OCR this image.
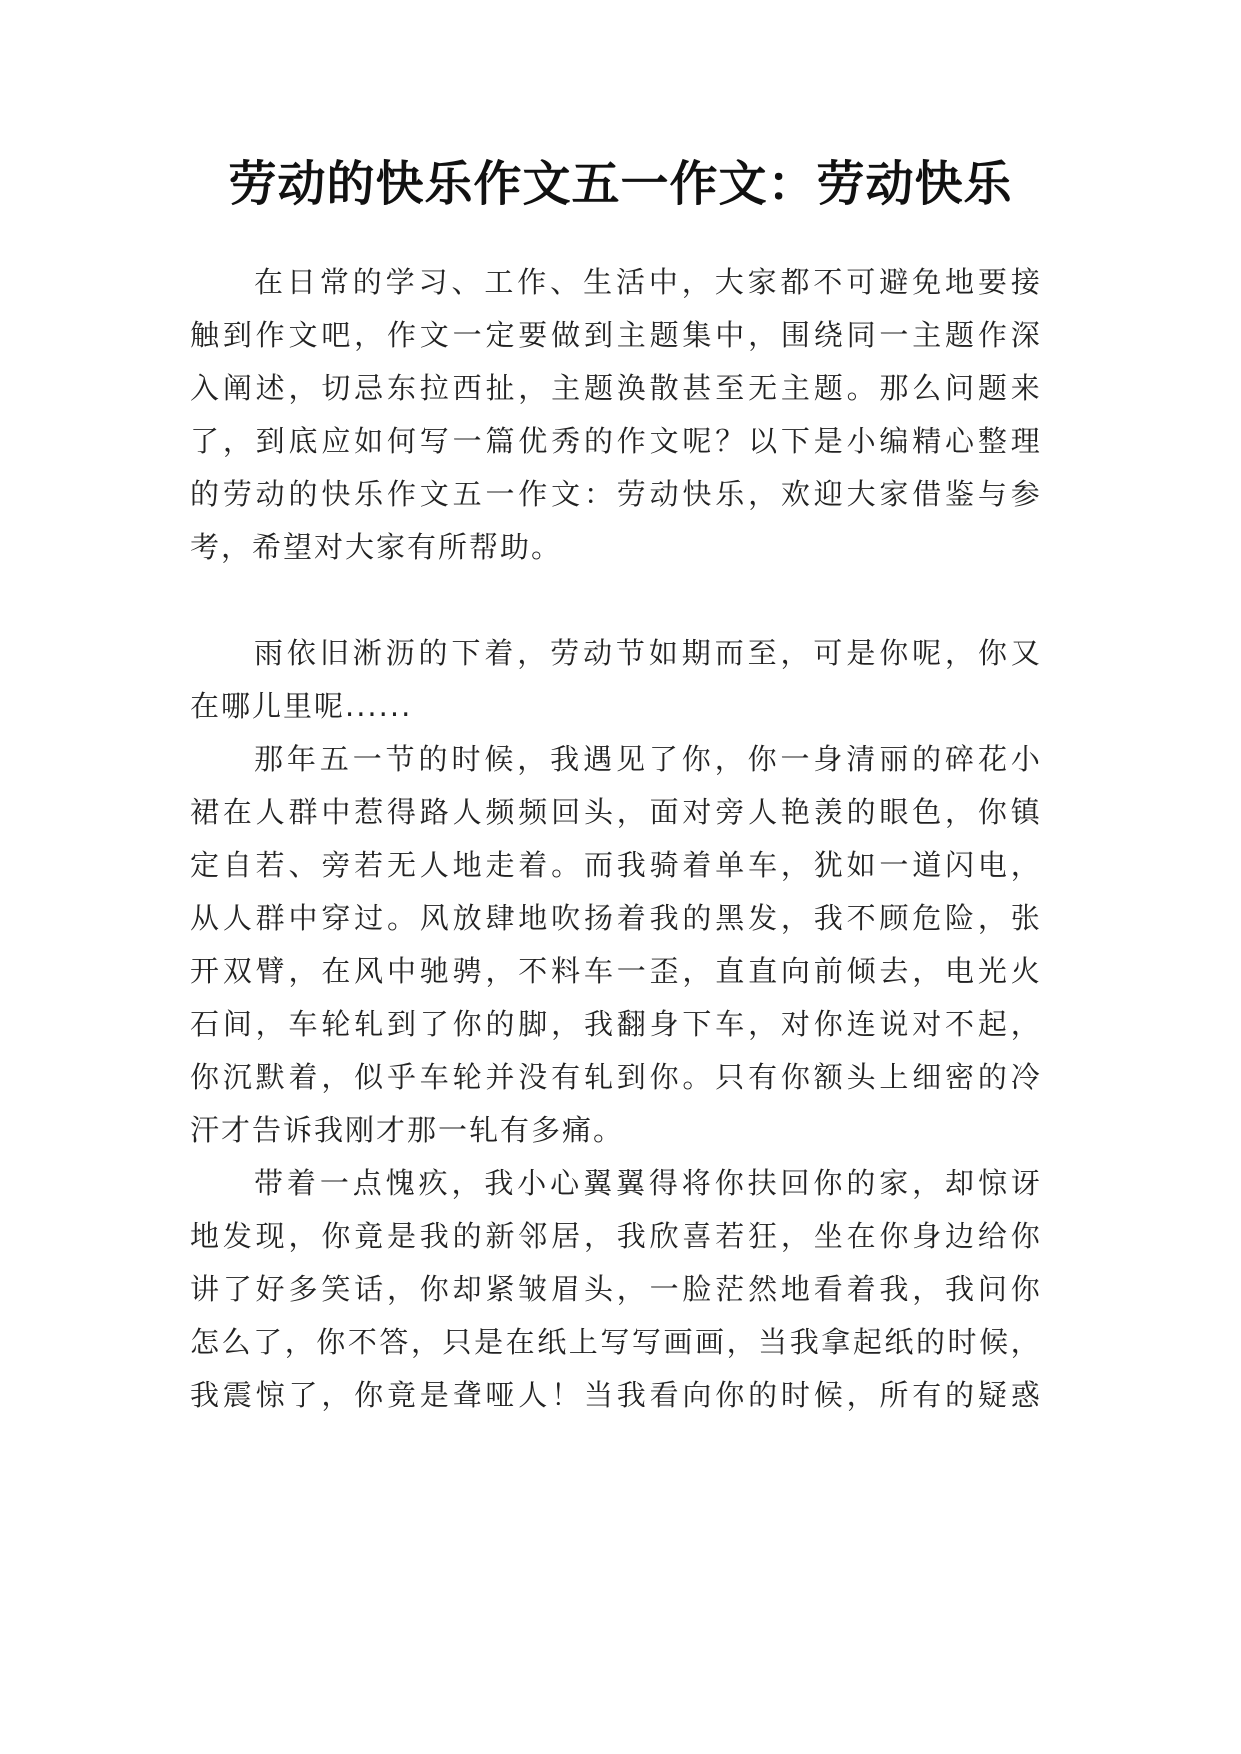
劳动的快乐作文五一作文：劳动快乐
在 日 常 的 学 习 、 工 作 、 生 活 中 ， 大 家 都 不 可 避 免 地 要 接
触 到 作 文 吧 ， 作 文 一 定 要 做 到 主 题 集 中 ， 围 绕 同 一 主 题 作 深
入 阐 述 ， 切 忌 东 拉 西 扯 ， 主 题 涣 散 甚 至 无 主 题 。 那 么 问 题 来
了 ， 到 底 应 如 何 写 一 篇 优 秀 的 作 文 呢 ？ 以 下 是 小 编 精 心 整 理
的 劳 动 的 快 乐 作 文 五 一 作 文 ： 劳 动 快 乐 ， 欢 迎 大 家 借 鉴 与 参
考，希望对大家有所帮助。
雨 依 旧 淅 沥 的 下 着 ， 劳 动 节 如 期 而 至 ， 可 是 你 呢 ， 你 又
在哪儿里呢......
那 年 五 一 节 的 时 候 ， 我 遇 见 了 你 ， 你 一 身 清 丽 的 碎 花 小
裙 在 人 群 中 惹 得 路 人 频 频 回 头 ， 面 对 旁 人 艳 羡 的 眼 色 ， 你 镇
定 自 若 、 旁 若 无 人 地 走 着 。 而 我 骑 着 单 车 ， 犹 如 一 道 闪 电 ，
从 人 群 中 穿 过 。 风 放 肆 地 吹 扬 着 我 的 黑 发 ， 我 不 顾 危 险 ， 张
开 双 臂 ， 在 风 中 驰 骋 ， 不 料 车 一 歪 ， 直 直 向 前 倾 去 ， 电 光 火
石 间 ， 车 轮 轧 到 了 你 的 脚 ， 我 翻 身 下 车 ， 对 你 连 说 对 不 起 ，
你 沉 默 着 ， 似 乎 车 轮 并 没 有 轧 到 你 。 只 有 你 额 头 上 细 密 的 冷
汗才告诉我刚才那一轧有多痛。
带 着 一 点 愧 疚 ， 我 小 心 翼 翼 得 将 你 扶 回 你 的 家 ， 却 惊 讶
地 发 现 ， 你 竟 是 我 的 新 邻 居 ， 我 欣 喜 若 狂 ， 坐 在 你 身 边 给 你
讲 了 好 多 笑 话 ， 你 却 紧 皱 眉 头 ， 一 脸 茫 然 地 看 着 我 ， 我 问 你
怎 么 了 ， 你 不 答 ， 只 是 在 纸 上 写 写 画 画 ， 当 我 拿 起 纸 的 时 候 ，
我 震 惊 了 ， 你 竟 是 聋 哑 人 ！ 当 我 看 向 你 的 时 候 ， 所 有 的 疑 惑
